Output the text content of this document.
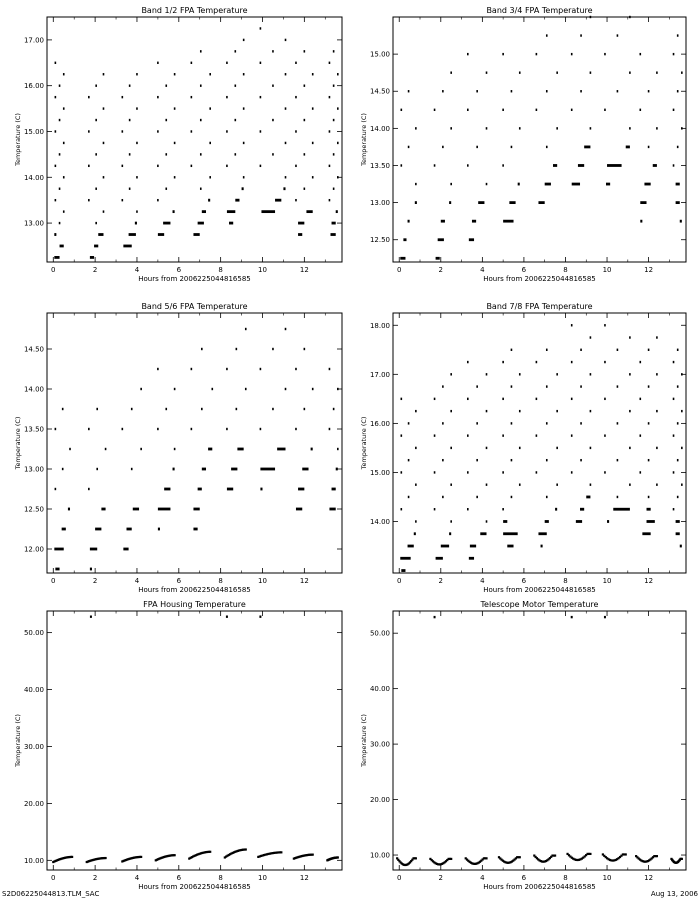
Band 1/2 FPA Temperature
0	2	4	6	8	10	12
13.00
14.00
15.00
16.00
17.00
Hours from 2006225044816585
Temperature (C)
Band 3/4 FPA Temperature
0	2	4	6	8	10	12
12.50
13.00
13.50
14.00
14.50
15.00
Hours from 2006225044816585
Temperature (C)
Band 5/6 FPA Temperature
0	2	4	6	8	10	12
12.00
12.50
13.00
13.50
14.00
14.50
Hours from 2006225044816585
Temperature (C)
Band 7/8 FPA Temperature
0	2	4	6	8	10	12
14.00
15.00
16.00
17.00
18.00
Hours from 2006225044816585
Temperature (C)
FPA Housing Temperature
0	2	4	6	8	10	12
10.00
20.00
30.00
40.00
50.00
Hours from 2006225044816585
Temperature (C)
Telescope Motor Temperature
0	2	4	6	8	10	12
10.00
20.00
30.00
40.00
50.00
Hours from 2006225044816585
Temperature (C)
S2D06225044813.TLM_SAC	Aug 13, 2006
